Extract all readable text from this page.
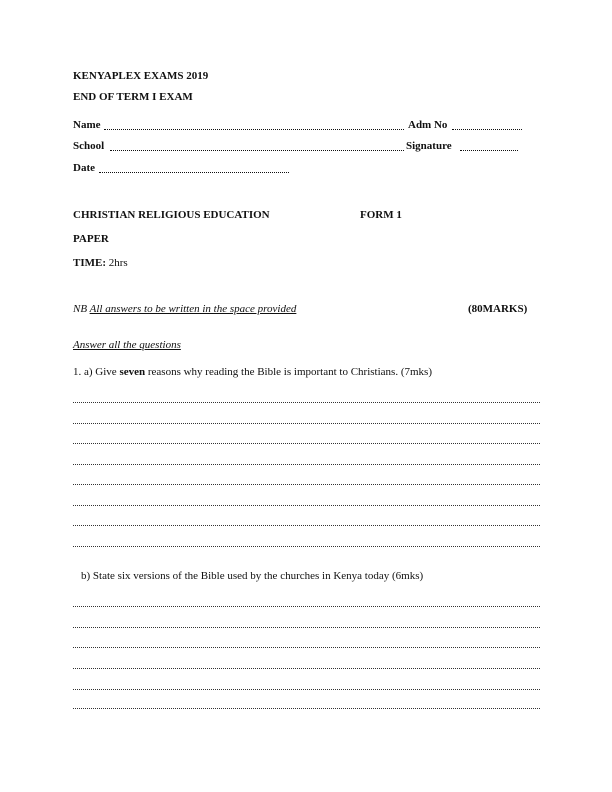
KENYAPLEX EXAMS 2019
END OF TERM I EXAM
Name	Adm No
School	Signature
Date
CHRISTIAN RELIGIOUS EDUCATION	FORM 1
PAPER
TIME: 2hrs
NB All answers to be written in the space provided	(80MARKS)
Answer all the questions
1. a) Give seven reasons why reading the Bible is important to Christians. (7mks)
b) State six versions of the Bible used by the churches in Kenya today (6mks)
